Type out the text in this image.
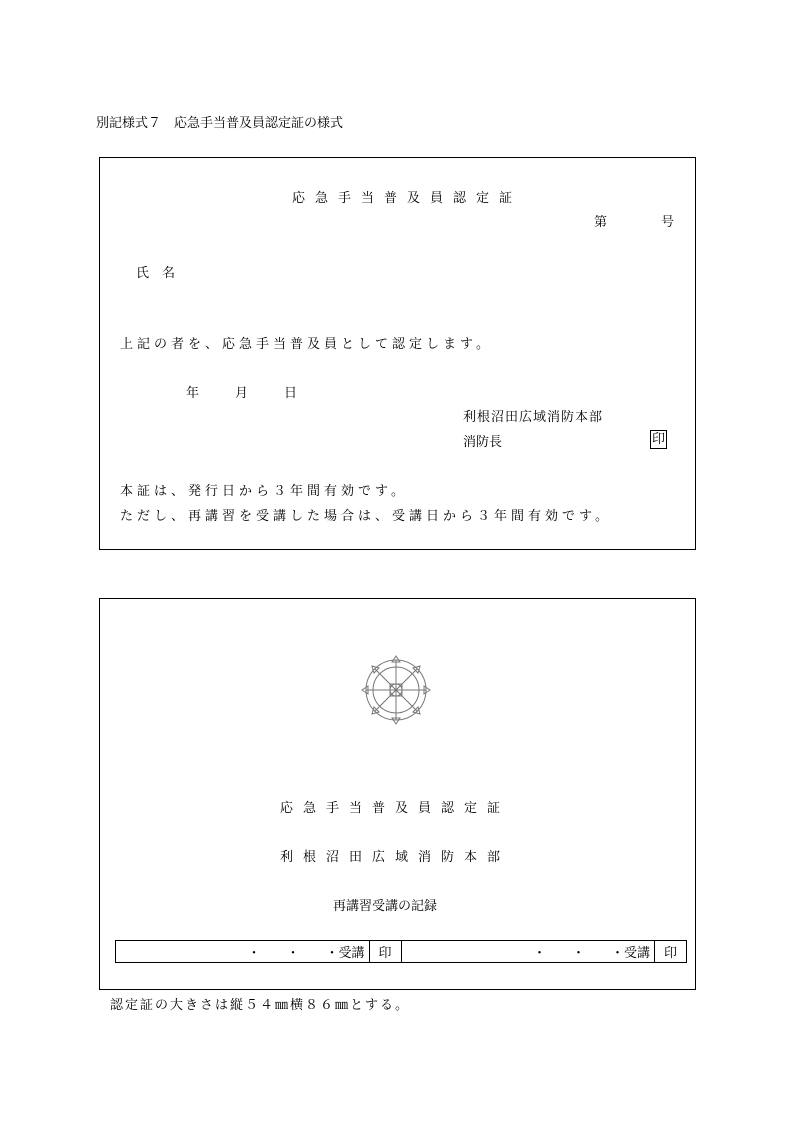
別記様式７　応急手当普及員認定証の様式
応急手当普及員認定証
第	号
氏　名
上記の者を、応急手当普及員として認定します。
年	月	日
利根沼田広域消防本部
消防長	印
本証は、発行日から３年間有効です。
ただし、再講習を受講した場合は、受講日から３年間有効です。
応急手当普及員認定証
利根沼田広域消防本部
再講習受講の記録
・　　・　　・受講	印	・　　・　　・受講	印
認定証の大きさは縦５４㎜横８６㎜とする。
